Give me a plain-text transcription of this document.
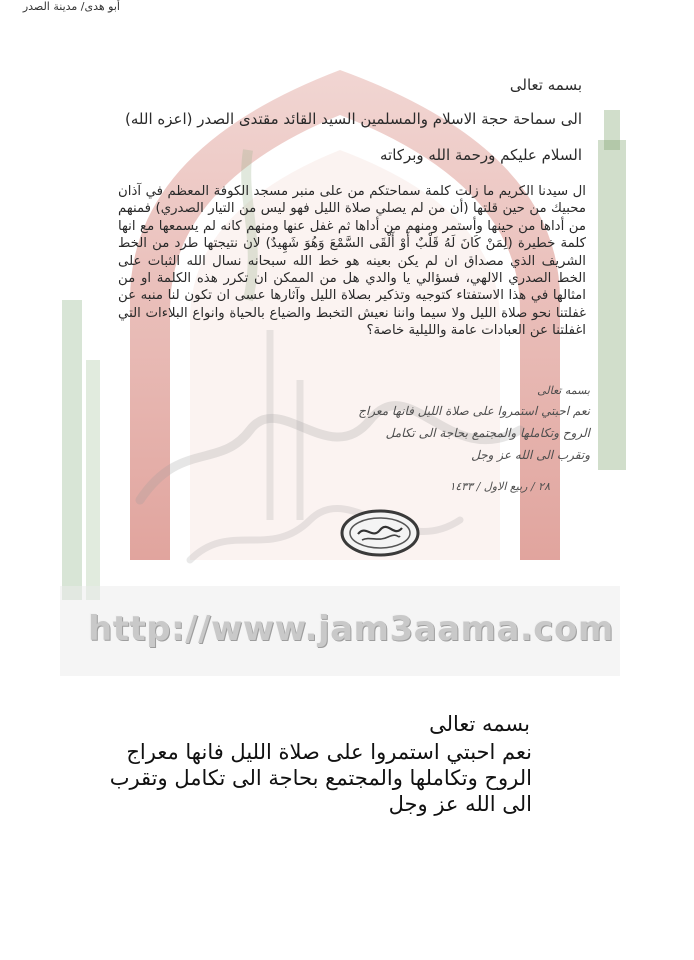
http://www.jam3aama.com
بسمه تعالى
الى سماحة حجة الاسلام والمسلمين السيد القائد مقتدى الصدر (اعزه الله)
السلام عليكم ورحمة الله وبركاته
ال سيدنا الكريم ما زلت كلمة سماحتكم من على منبر مسجد الكوفة المعظم في آذان محبيك من حين قلتها (أن من لم يصلي صلاة الليل فهو ليس من التيار الصدري) فمنهم من أداها من حينها وأستمر ومنهم من أداها ثم غفل عنها ومنهم كانه لم يسمعها مع انها كلمة خطيرة (لِمَنْ كَانَ لَهُ قَلْبٌ أَوْ أَلْقَى السَّمْعَ وَهُوَ شَهِيدٌ) لان نتيجتها طرد من الخط الشريف الذي مصداق ان لم يكن بعينه هو خط الله سبحانه نسال الله الثبات على الخط الصدري الالهي، فسؤالي يا والدي هل من الممكن ان تكرر هذه الكلمة او من امثالها في هذا الاستفتاء كتوجيه وتذكير بصلاة الليل وآثارها عسى ان تكون لنا منبه عن غفلتنا نحو صلاة الليل ولا سيما واننا نعيش التخبط والضياع بالحياة وانواع البلاءات التي اغفلتنا عن العبادات عامة والليلية خاصة؟
أبو هدى/ مدينة الصدر
بسمه تعالى
نعم احبتي استمروا على صلاة الليل فانها معراج
الروح وتكاملها والمجتمع بحاجة الى تكامل
وتقرب الى الله عز وجل
٢٨ / ربيع الاول / ١٤٣٣
بسمه تعالى
نعم احبتي استمروا على صلاة الليل فانها معراج
الروح وتكاملها والمجتمع بحاجة الى تكامل وتقرب
الى الله عز وجل
